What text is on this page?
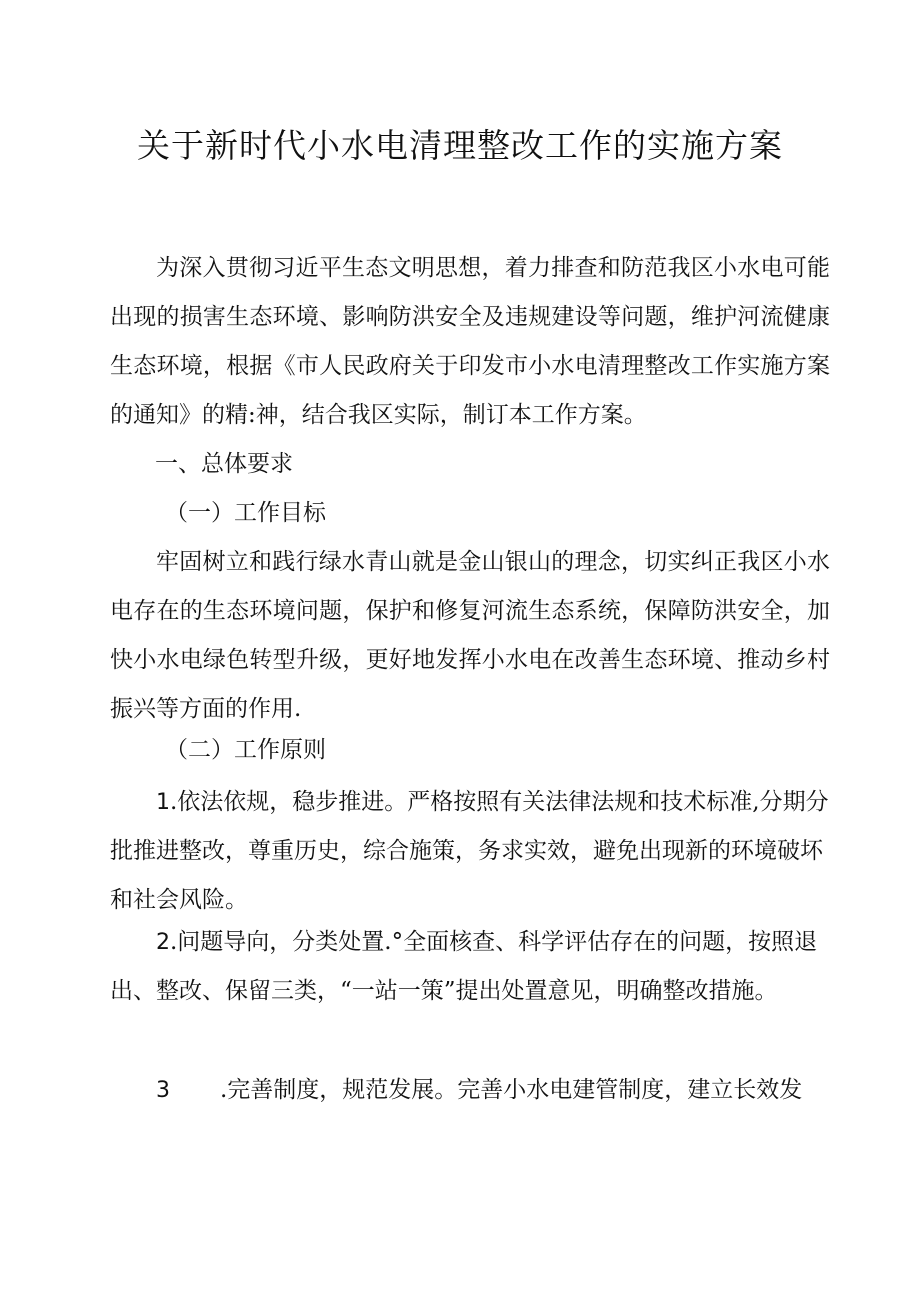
关于新时代小水电清理整改工作的实施方案

为深入贯彻习近平生态文明思想，着力排查和防范我区小水电可能出现的损害生态环境、影响防洪安全及违规建设等问题，维护河流健康生态环境，根据《市人民政府关于印发市小水电清理整改工作实施方案的通知》的精:神，结合我区实际，制订本工作方案。

一、总体要求
（一）工作目标

牢固树立和践行绿水青山就是金山银山的理念，切实纠正我区小水电存在的生态环境问题，保护和修复河流生态系统，保障防洪安全，加快小水电绿色转型升级，更好地发挥小水电在改善生态环境、推动乡村振兴等方面的作用.

（二）工作原则

1.依法依规，稳步推进。严格按照有关法律法规和技术标准,分期分批推进整改，尊重历史，综合施策，务求实效，避免出现新的环境破坏和社会风险。

2.问题导向，分类处置.°全面核查、科学评估存在的问题，按照退出、整改、保留三类，“一站一策”提出处置意见，明确整改措施。

3 .完善制度，规范发展。完善小水电建管制度，建立长效发
